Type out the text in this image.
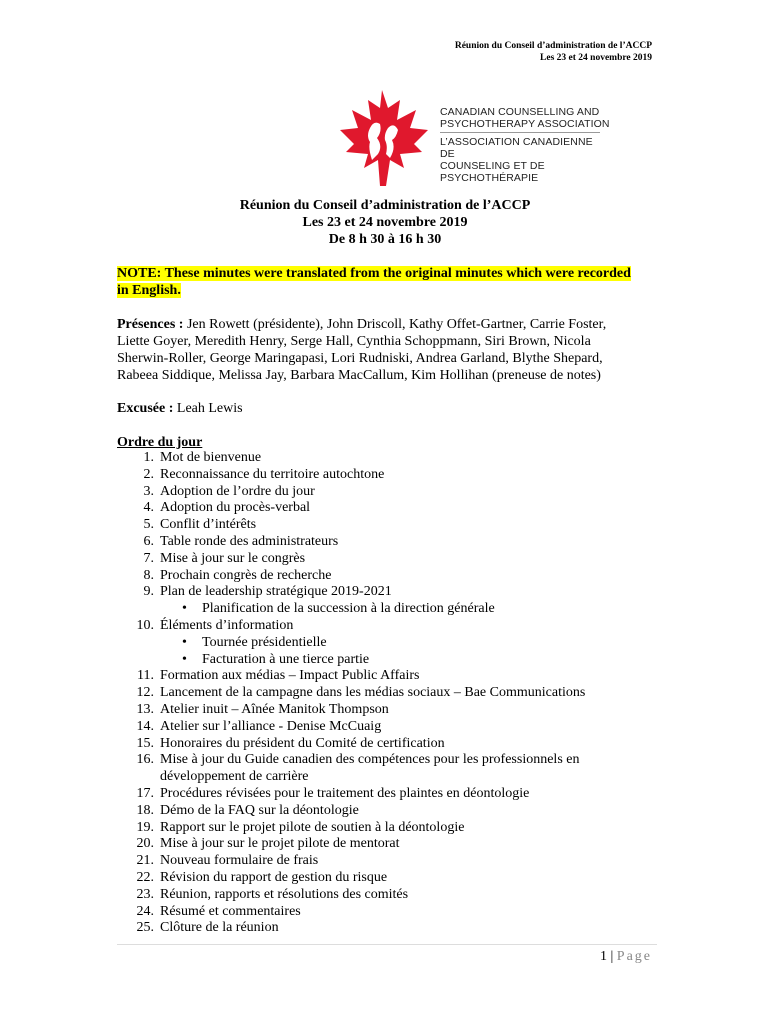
Réunion du Conseil d’administration de l’ACCP
Les 23 et 24 novembre 2019
CANADIAN COUNSELLING AND
PSYCHOTHERAPY ASSOCIATION
L’ASSOCIATION CANADIENNE DE
COUNSELING ET DE PSYCHOTHÉRAPIE
Réunion du Conseil d’administration de l’ACCP
Les 23 et 24 novembre 2019
De 8 h 30 à 16 h 30
NOTE: These minutes were translated from the original minutes which were recorded
in English.
Présences : Jen Rowett (présidente), John Driscoll, Kathy Offet-Gartner, Carrie Foster,
Liette Goyer, Meredith Henry, Serge Hall, Cynthia Schoppmann, Siri Brown, Nicola
Sherwin-Roller, George Maringapasi, Lori Rudniski, Andrea Garland, Blythe Shepard,
Rabeea Siddique, Melissa Jay, Barbara MacCallum, Kim Hollihan (preneuse de notes)
Excusée : Leah Lewis
Ordre du jour
1. Mot de bienvenue
2. Reconnaissance du territoire autochtone
3. Adoption de l’ordre du jour
4. Adoption du procès-verbal
5. Conflit d’intérêts
6. Table ronde des administrateurs
7. Mise à jour sur le congrès
8. Prochain congrès de recherche
9. Plan de leadership stratégique 2019-2021
• Planification de la succession à la direction générale
10. Éléments d’information
• Tournée présidentielle
• Facturation à une tierce partie
11. Formation aux médias – Impact Public Affairs
12. Lancement de la campagne dans les médias sociaux – Bae Communications
13. Atelier inuit – Aînée Manitok Thompson
14. Atelier sur l’alliance - Denise McCuaig
15. Honoraires du président du Comité de certification
16. Mise à jour du Guide canadien des compétences pour les professionnels en développement de carrière
17. Procédures révisées pour le traitement des plaintes en déontologie
18. Démo de la FAQ sur la déontologie
19. Rapport sur le projet pilote de soutien à la déontologie
20. Mise à jour sur le projet pilote de mentorat
21. Nouveau formulaire de frais
22. Révision du rapport de gestion du risque
23. Réunion, rapports et résolutions des comités
24. Résumé et commentaires
25. Clôture de la réunion
1 | Page
